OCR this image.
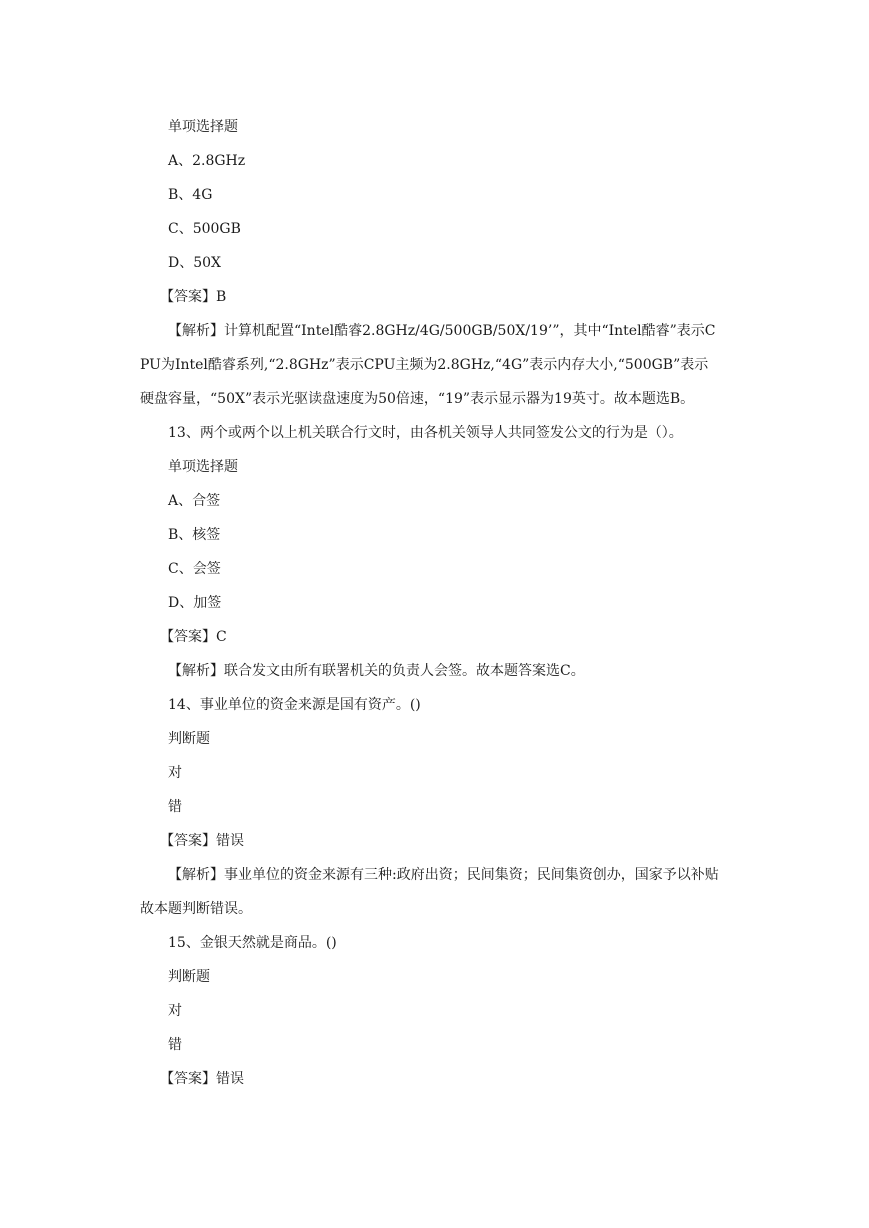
单项选择题

A、2.8GHz

B、4G

C、500GB

D、50X

【答案】B

【解析】计算机配置“Intel酷睿2.8GHz/4G/500GB/50X/19’”，其中“Intel酷睿”表示CPU为Intel酷睿系列,“2.8GHz”表示CPU主频为2.8GHz,“4G”表示内存大小,“500GB”表示硬盘容量，“50X”表示光驱读盘速度为50倍速，“19”表示显示器为19英寸。故本题选B。

13、两个或两个以上机关联合行文时，由各机关领导人共同签发公文的行为是（）。

单项选择题

A、合签

B、核签

C、会签

D、加签

【答案】C

【解析】联合发文由所有联署机关的负责人会签。故本题答案选C。

14、事业单位的资金来源是国有资产。()

判断题

对

错

【答案】错误

【解析】事业单位的资金来源有三种:政府出资；民间集资；民间集资创办，国家予以补贴故本题判断错误。

15、金银天然就是商品。()

判断题

对

错

【答案】错误
